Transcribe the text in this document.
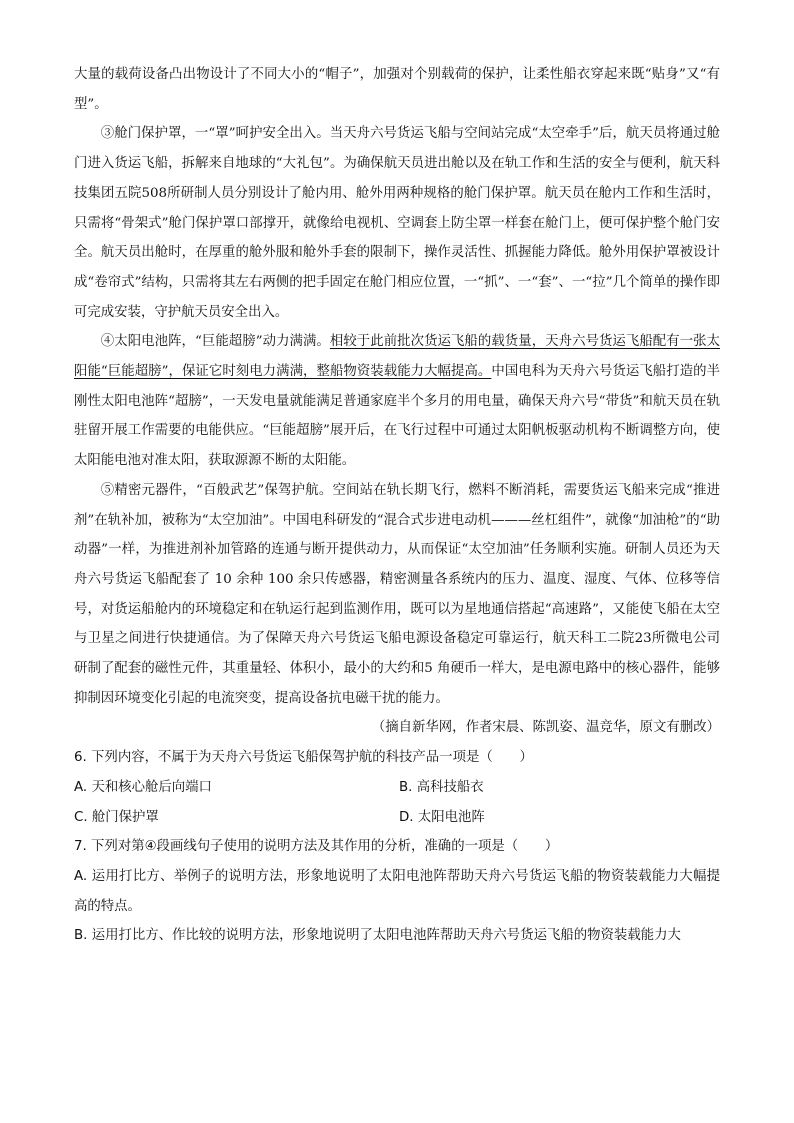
大量的载荷设备凸出物设计了不同大小的“帽子”，加强对个别载荷的保护，让柔性船衣穿起来既“贴身”又“有型”。

③舱门保护罩，一“罩”呵护安全出入。当天舟六号货运飞船与空间站完成“太空牵手”后，航天员将通过舱门进入货运飞船，拆解来自地球的“大礼包”。为确保航天员进出舱以及在轨工作和生活的安全与便利，航天科技集团五院508所研制人员分别设计了舱内用、舱外用两种规格的舱门保护罩。航天员在舱内工作和生活时，只需将“骨架式”舱门保护罩口部撑开，就像给电视机、空调套上防尘罩一样套在舱门上，便可保护整个舱门安全。航天员出舱时，在厚重的舱外服和舱外手套的限制下，操作灵活性、抓握能力降低。舱外用保护罩被设计成“卷帘式”结构，只需将其左右两侧的把手固定在舱门相应位置，一“抓”、一“套”、一“拉”几个简单的操作即可完成安装，守护航天员安全出入。

④太阳电池阵，“巨能超膀”动力满满。相较于此前批次货运飞船的载货量，天舟六号货运飞船配有一张太阳能“巨能超膀”，保证它时刻电力满满，整船物资装载能力大幅提高。中国电科为天舟六号货运飞船打造的半刚性太阳电池阵“超膀”，一天发电量就能满足普通家庭半个多月的用电量，确保天舟六号“带货”和航天员在轨驻留开展工作需要的电能供应。“巨能超膀”展开后，在飞行过程中可通过太阳帆板驱动机构不断调整方向，使太阳能电池对准太阳，获取源源不断的太阳能。

⑤精密元器件，“百般武艺”保驾护航。空间站在轨长期飞行，燃料不断消耗，需要货运飞船来完成“推进剂”在轨补加，被称为“太空加油”。中国电科研发的“混合式步进电动机———丝杠组件”，就像“加油枪”的“助动器”一样，为推进剂补加管路的连通与断开提供动力，从而保证“太空加油”任务顺利实施。研制人员还为天舟六号货运飞船配套了 10 余种 100 余只传感器，精密测量各系统内的压力、温度、湿度、气体、位移等信号，对货运船舱内的环境稳定和在轨运行起到监测作用，既可以为星地通信搭起“高速路”，又能使飞船在太空与卫星之间进行快捷通信。为了保障天舟六号货运飞船电源设备稳定可靠运行，航天科工二院23所微电公司研制了配套的磁性元件，其重量轻、体积小，最小的大约和5 角硬币一样大，是电源电路中的核心器件，能够抑制因环境变化引起的电流突变，提高设备抗电磁干扰的能力。

（摘自新华网，作者宋晨、陈凯姿、温竞华，原文有删改）

6. 下列内容，不属于为天舟六号货运飞船保驾护航的科技产品一项是（　　）

A. 天和核心舱后向端口	B. 高科技船衣
C. 舱门保护罩	D. 太阳电池阵

7. 下列对第④段画线句子使用的说明方法及其作用的分析，准确的一项是（　　）

A. 运用打比方、举例子的说明方法，形象地说明了太阳电池阵帮助天舟六号货运飞船的物资装载能力大幅提高的特点。

B. 运用打比方、作比较的说明方法，形象地说明了太阳电池阵帮助天舟六号货运飞船的物资装载能力大
